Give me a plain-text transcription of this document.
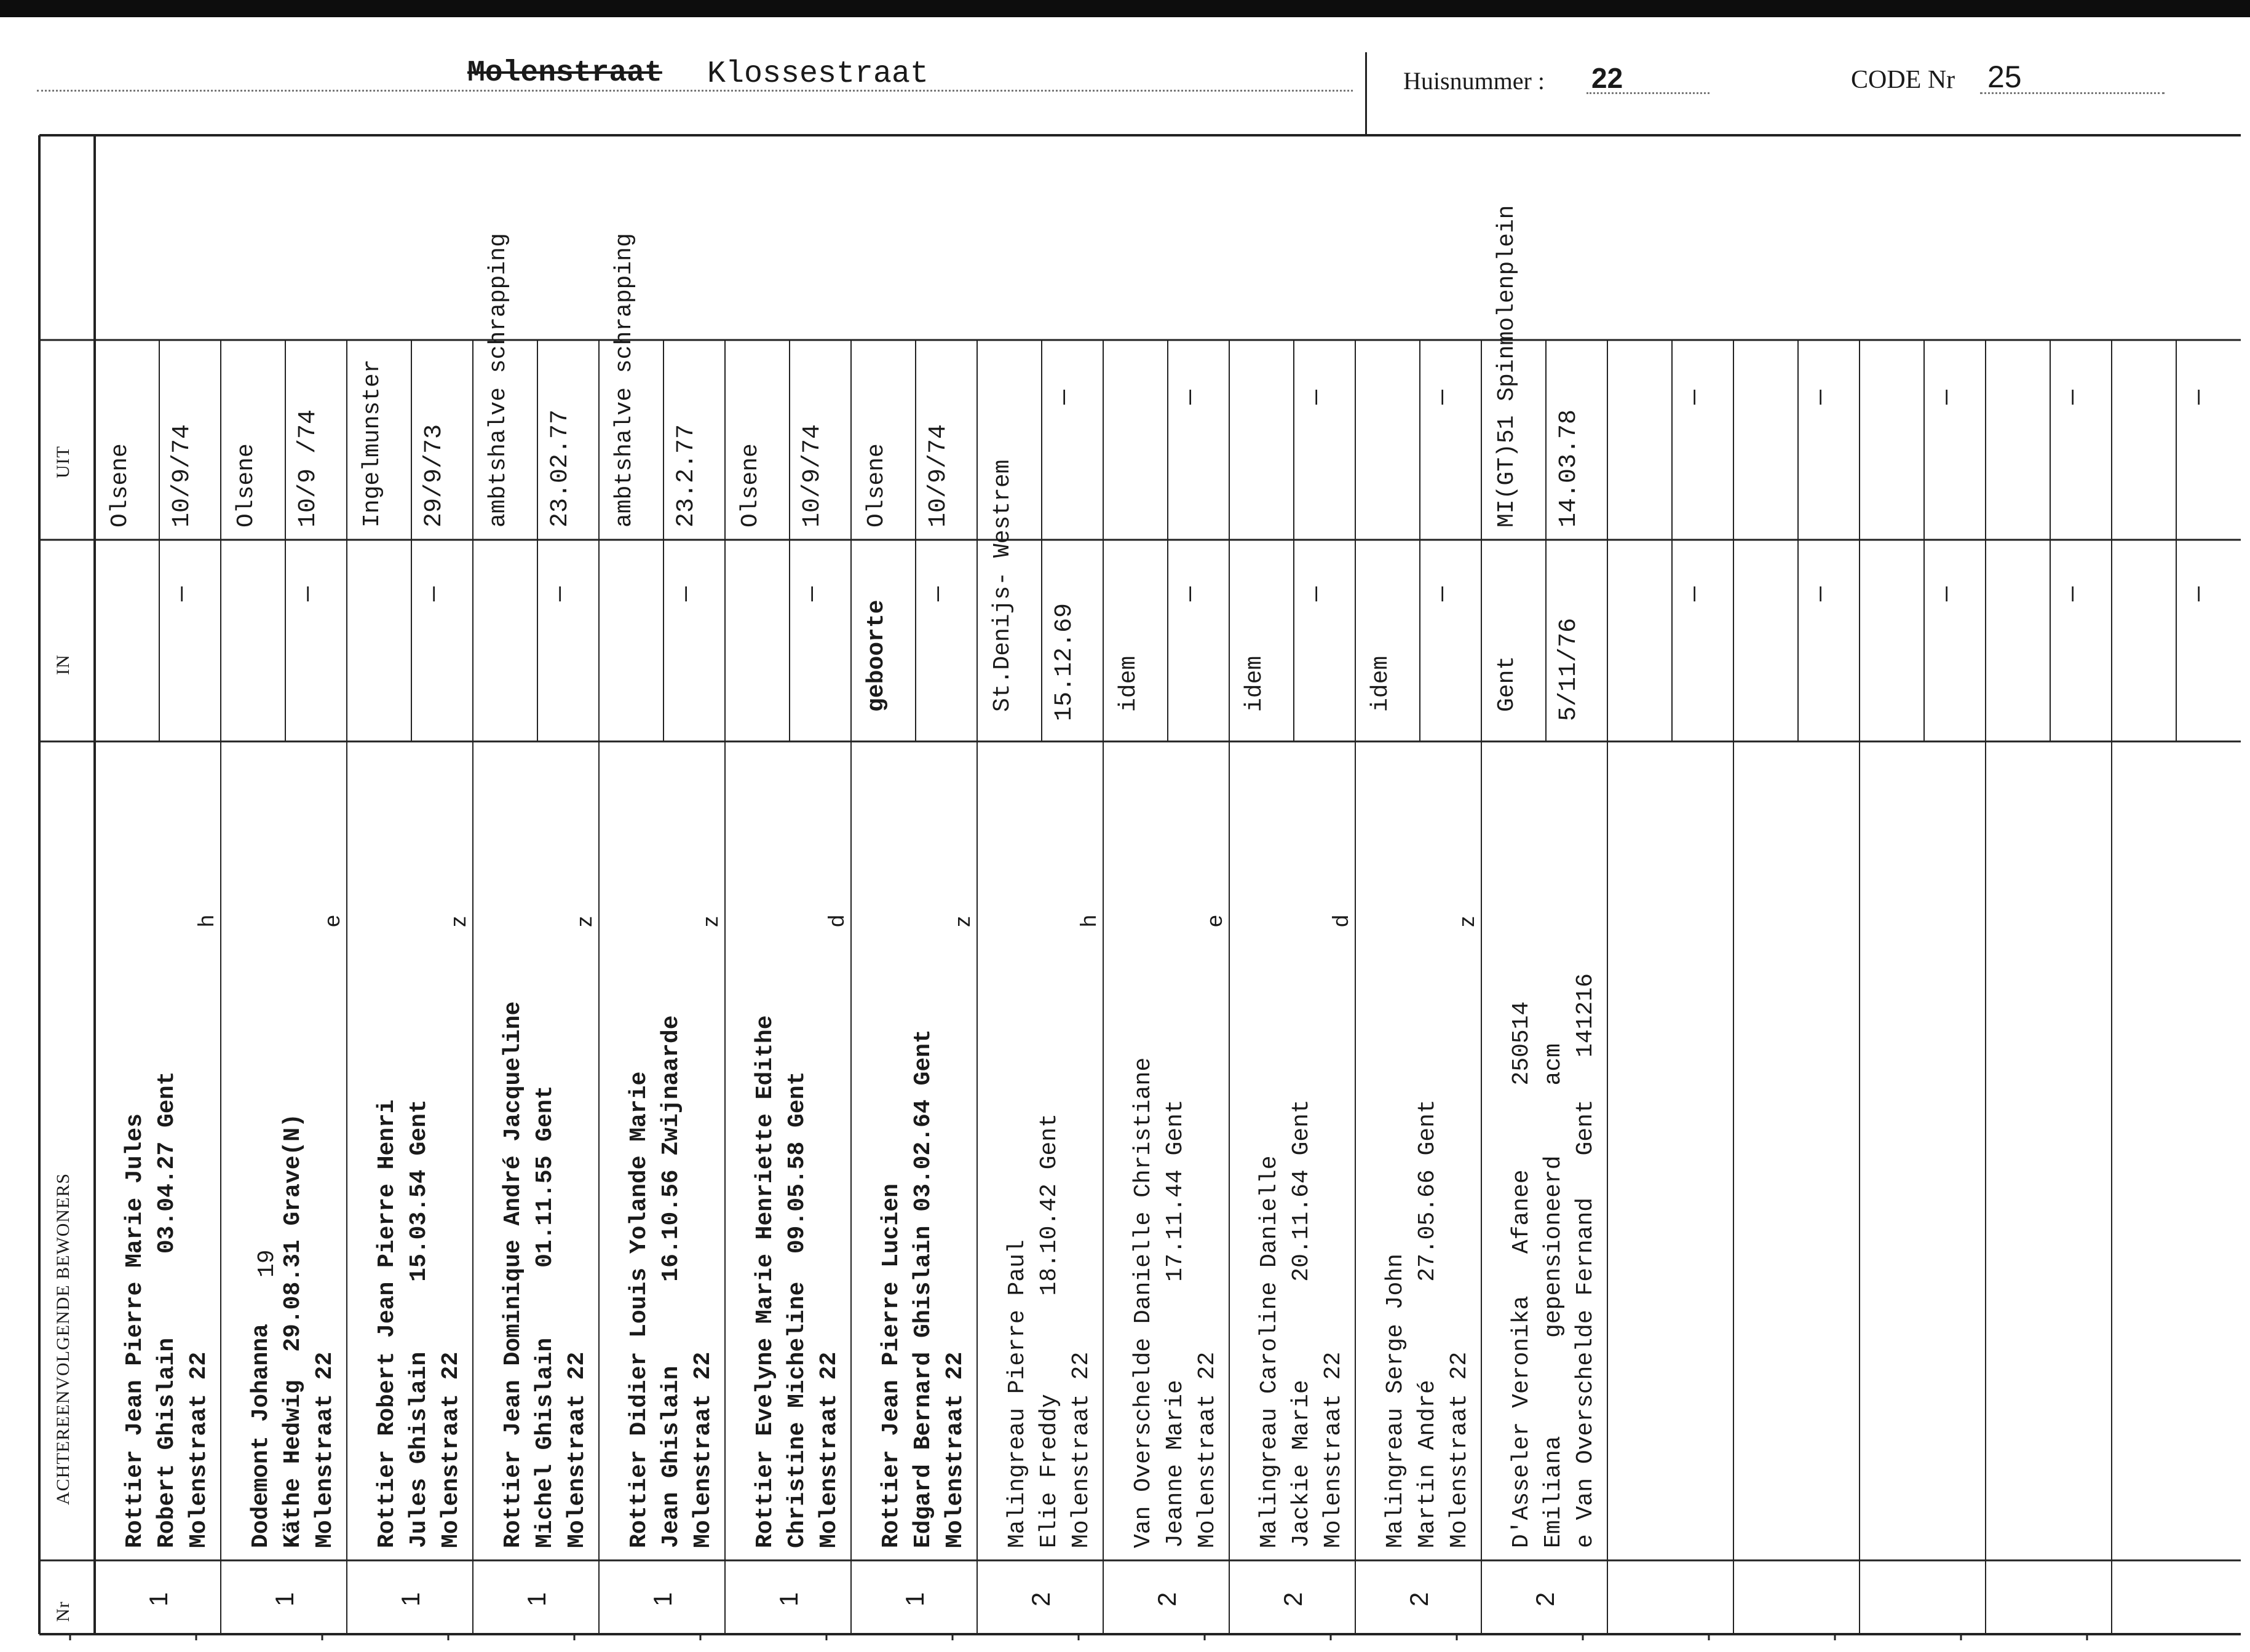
Molenstraat Klossestraat	Huisnummer : 22	CODE Nr 25
UIT
IN
ACHTEREENVOLGENDE BEWONERS
Nr
1
Rottier Jean Pierre Marie Jules
Robert Ghislain      03.04.27 Gent
Molenstraat 22
h
—
Olsene 10/9/74
1
Dodemont Johanna
Käthe Hedwig  29.08.31 Grave(N)
Molenstraat 22
19
e
—
Olsene 10/9 /74
1
Rottier Robert Jean Pierre Henri
Jules Ghislain     15.03.54 Gent
Molenstraat 22
z
—
Ingelmunster 29/9/73
1
Rottier Jean Dominique André Jacqueline
Michel Ghislain     01.11.55 Gent
Molenstraat 22
z
—
ambtshalve schrapping 23.02.77
1
Rottier Didier Louis Yolande Marie
Jean Ghislain      16.10.56 Zwijnaarde
Molenstraat 22
z
—
ambtshalve schrapping 23.2.77
1
Rottier Evelyne Marie Henriette Edithe
Christine Micheline  09.05.58 Gent
Molenstraat 22
d
—
Olsene 10/9/74
1
Rottier Jean Pierre Lucien
Edgard Bernard Ghislain 03.02.64 Gent
Molenstraat 22
z
geboorte
—
Olsene 10/9/74
2
Malingreau Pierre Paul
Elie Freddy       18.10.42 Gent
Molenstraat 22
h
St.Denijs- Westrem 15.12.69
—
2
Van Overschelde Danielle Christiane
Jeanne Marie       17.11.44 Gent
Molenstraat 22
e
idem
—
—
2
Malingreau Caroline Danielle
Jackie Marie       20.11.64 Gent
Molenstraat 22
d
idem
—
—
2
Malingreau Serge John
Martin André       27.05.66 Gent
Molenstraat 22
z
idem
—
—
2
D'Asseler Veronika   Afanee      250514
Emiliana       gepensioneerd     acm
e Van Overschelde Fernand   Gent   141216
Gent 5/11/76
MI(GT)51 Spinmolenplein 14.03.78
—
—
—
—
—
—
—
—
—
—
